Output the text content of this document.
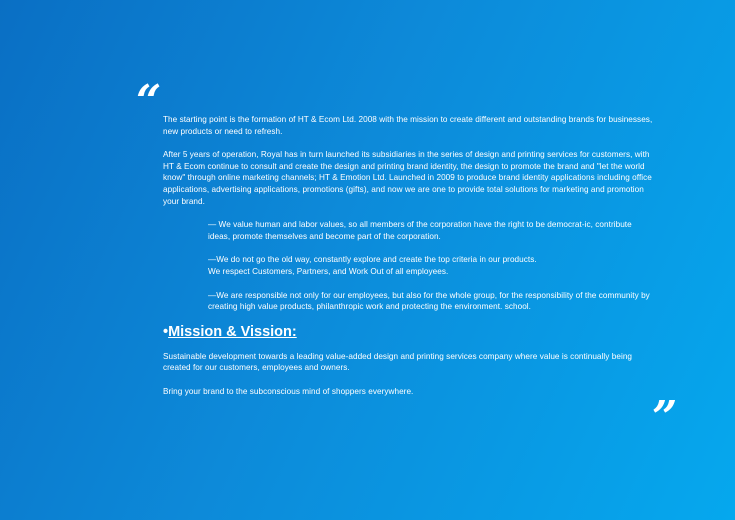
“ The starting point is the formation of HT & Ecom Ltd. 2008 with the mission to create different and outstanding brands for businesses, new products or need to refresh.

After 5 years of operation, Royal has in turn launched its subsidiaries in the series of design and printing services for customers, with HT & Ecom continue to consult and create the design and printing brand identity, the design to promote the brand and "let the world know" through online marketing channels; HT & Emotion Ltd. Launched in 2009 to produce brand identity applications including office applications, advertising applications, promotions (gifts), and now we are one to provide total solutions for marketing and promotion your brand.

— We value human and labor values, so all members of the corporation have the right to be democrat-ic, contribute ideas, promote themselves and become part of the corporation.

—We do not go the old way, constantly explore and create the top criteria in our products.
We respect Customers, Partners, and Work Out of all employees.

—We are responsible not only for our employees, but also for the whole group, for the responsibility of the community by creating high value products, philanthropic work and protecting the environment. school.

•Mission & Vission:

Sustainable development towards a leading value-added design and printing services company where value is continually being created for our customers, employees and owners.

Bring your brand to the subconscious mind of shoppers everywhere.

”
